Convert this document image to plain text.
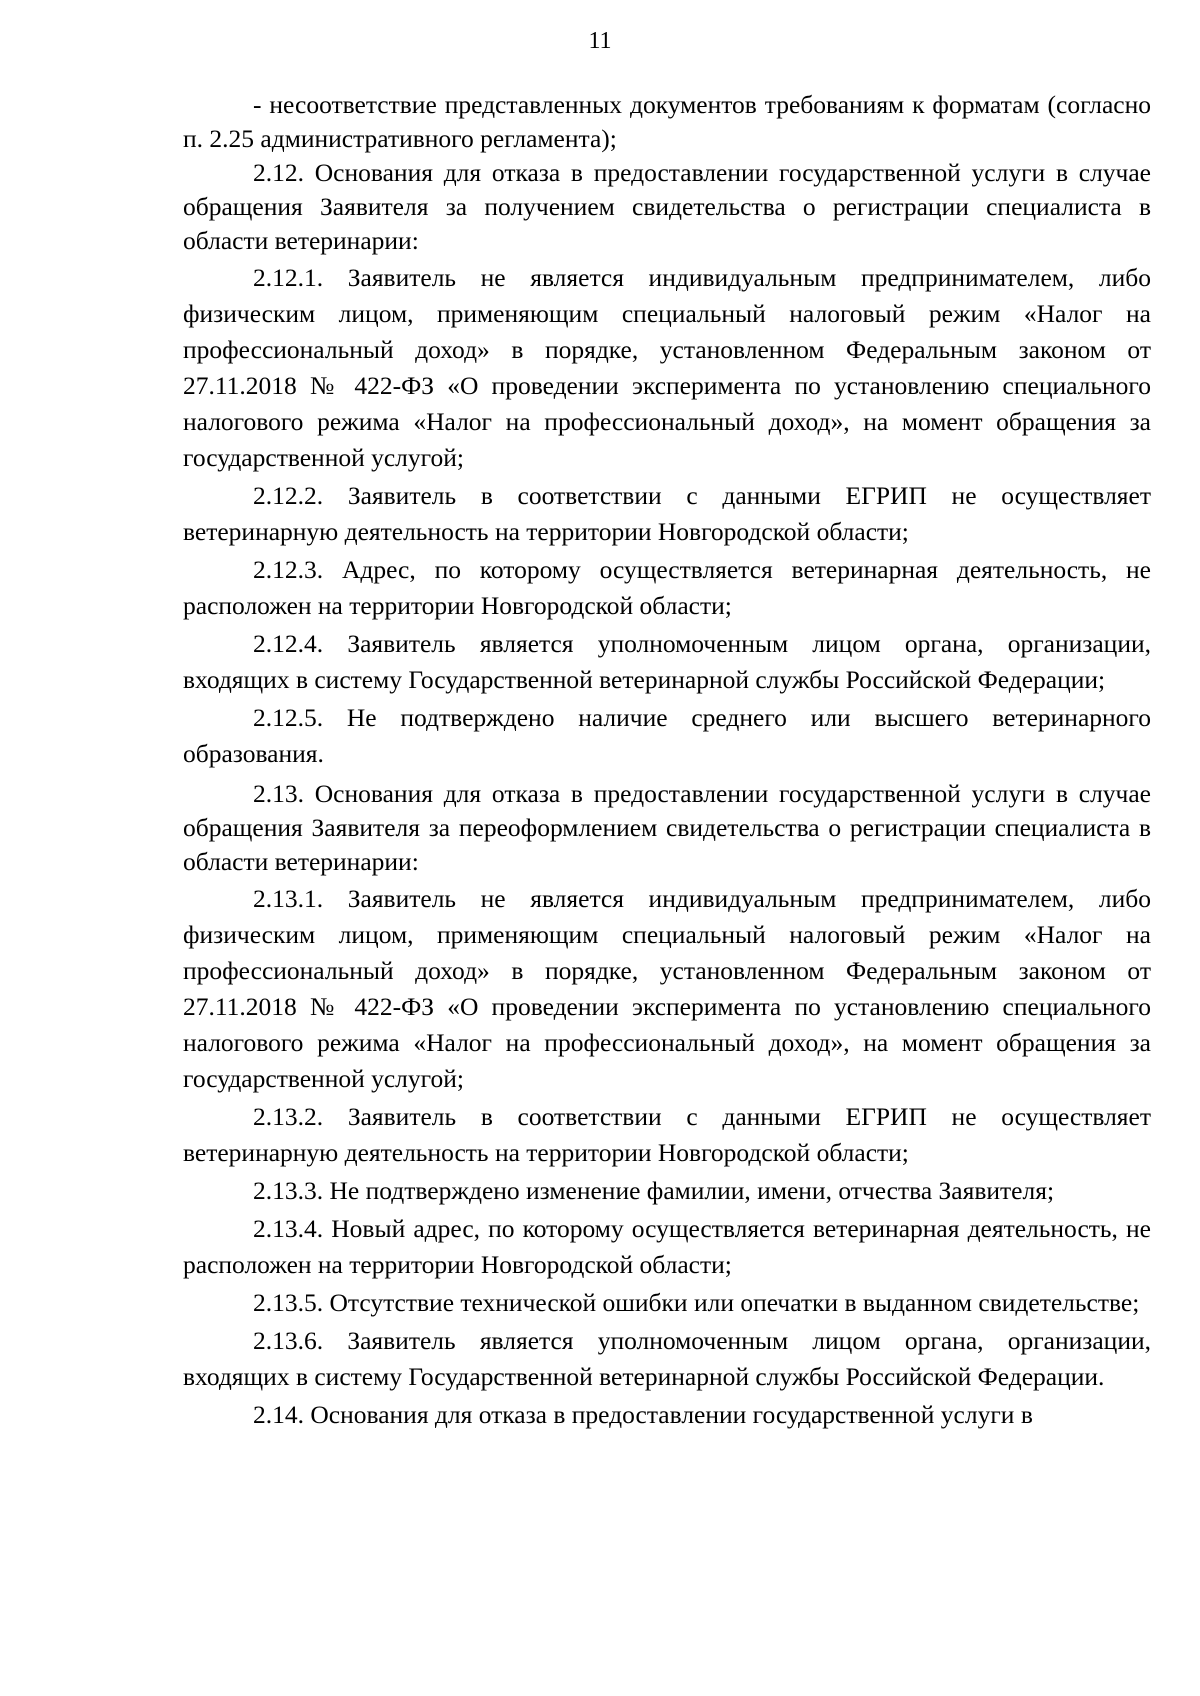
11

- несоответствие представленных документов требованиям к форматам (согласно п. 2.25 административного регламента);

2.12. Основания для отказа в предоставлении государственной услуги в случае обращения Заявителя за получением свидетельства о регистрации специалиста в области ветеринарии:

2.12.1. Заявитель не является индивидуальным предпринимателем, либо физическим лицом, применяющим специальный налоговый режим «Налог на профессиональный доход» в порядке, установленном Федеральным законом от 27.11.2018 № 422-ФЗ «О проведении эксперимента по установлению специального налогового режима «Налог на профессиональный доход», на момент обращения за государственной услугой;

2.12.2. Заявитель в соответствии с данными ЕГРИП не осуществляет ветеринарную деятельность на территории Новгородской области;

2.12.3. Адрес, по которому осуществляется ветеринарная деятельность, не расположен на территории Новгородской области;

2.12.4. Заявитель является уполномоченным лицом органа, организации, входящих в систему Государственной ветеринарной службы Российской Федерации;

2.12.5. Не подтверждено наличие среднего или высшего ветеринарного образования.

2.13. Основания для отказа в предоставлении государственной услуги в случае обращения Заявителя за переоформлением свидетельства о регистрации специалиста в области ветеринарии:

2.13.1. Заявитель не является индивидуальным предпринимателем, либо физическим лицом, применяющим специальный налоговый режим «Налог на профессиональный доход» в порядке, установленном Федеральным законом от 27.11.2018 № 422-ФЗ «О проведении эксперимента по установлению специального налогового режима «Налог на профессиональный доход», на момент обращения за государственной услугой;

2.13.2. Заявитель в соответствии с данными ЕГРИП не осуществляет ветеринарную деятельность на территории Новгородской области;

2.13.3. Не подтверждено изменение фамилии, имени, отчества Заявителя;

2.13.4. Новый адрес, по которому осуществляется ветеринарная деятельность, не расположен на территории Новгородской области;

2.13.5. Отсутствие технической ошибки или опечатки в выданном свидетельстве;

2.13.6. Заявитель является уполномоченным лицом органа, организации, входящих в систему Государственной ветеринарной службы Российской Федерации.

2.14. Основания для отказа в предоставлении государственной услуги в
